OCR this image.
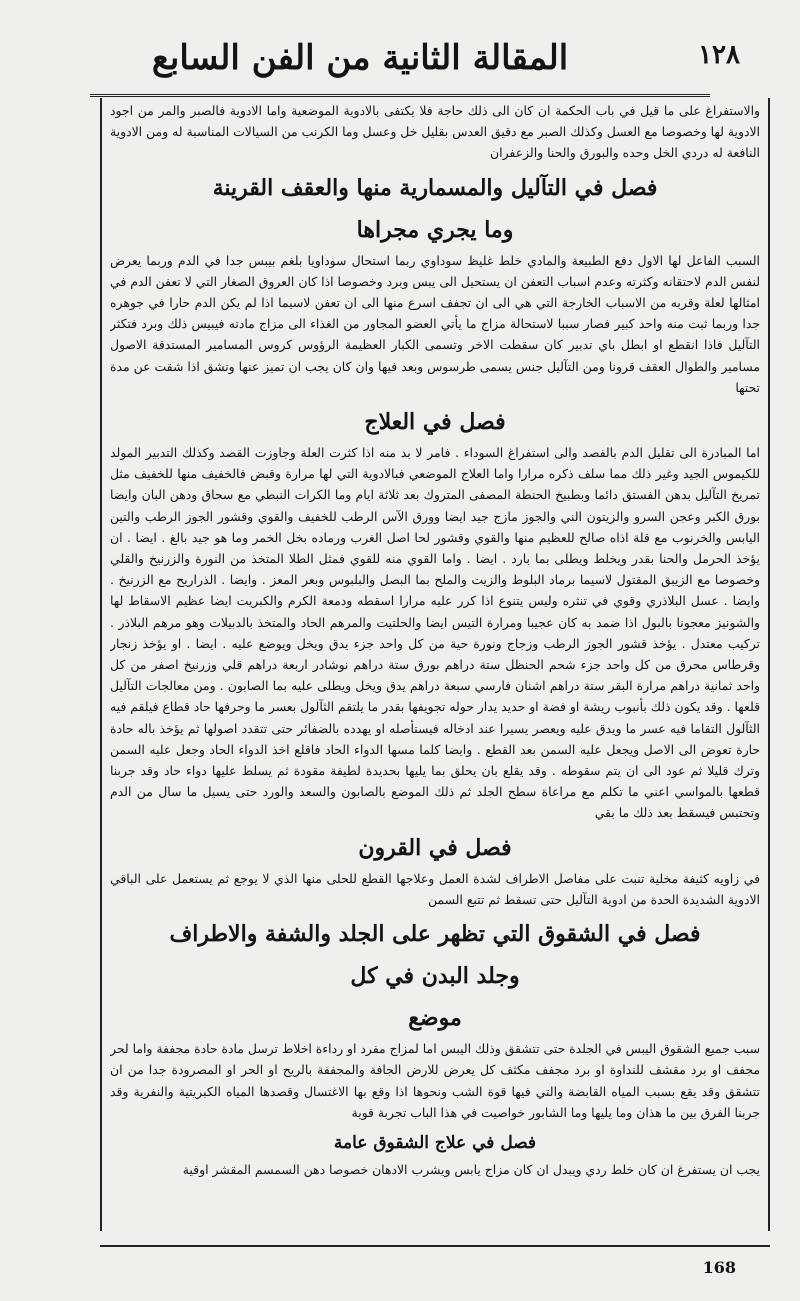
المقالة الثانية من الفن السابع	١٢٨

والاستفراغ على ما قيل في باب الحكمة ان كان الى ذلك حاجة فلا يكتفى بالادوية الموضعية واما الادوية فالصبر والمر من اجود الادوية لها وخصوصا مع العسل وكذلك الصبر مع دقيق العدس بقليل خل وعسل وما الكرنب من السيالات المناسبة له ومن الادوية النافعة له دردي الخل وحده والبورق والحنا والزعفران

فصل في التآليل والمسمارية منها والعقف القرينة
وما يجري مجراها

السبب الفاعل لها الاول دفع الطبيعة والمادي خلط غليظ سوداوي ربما استحال سوداويا بلغم بيبس جدا في الدم وربما يعرض لنفس الدم لاحتقانه وكثرته وعدم اسباب التعفن ان يستحيل الى يبس وبرد وخصوصا اذا كان العروق الصغار التي لا تعفن الدم في امثالها لعلة وقربه من الاسباب الخارجة التي هي الى ان تجفف اسرع منها الى ان تعفن لاسيما اذا لم يكن الدم حارا في جوهره جدا وربما ثبت منه واحد كبير فصار سببا لاستحالة مزاج ما يأتي العضو المجاور من الغذاء الى مزاج مادته فيبيس ذلك وبرد فتكثر التآليل فاذا انقطع او ابطل باي تدبير كان سقطت الاخر وتسمى الكبار العظيمة الرؤوس كروس المسامير المستدقة الاصول مسامير والطوال العقف قرونا ومن التآليل جنس يسمى طرسوس وبعد فيها وان كان يجب ان تميز عنها وتشق اذا شقت عن مدة تحتها

فصل في العلاج

اما المبادرة الى تقليل الدم بالفصد والى استفراغ السوداء . فامر لا بد منه اذا كثرت العلة وجاوزت القصد وكذلك التدبير المولد للكيموس الجيد وغير ذلك مما سلف ذكره مرارا واما العلاج الموضعي فبالادوية التي لها مرارة وقبض فالخفيف منها للخفيف مثل تمريخ التآليل بدهن الفستق دائما وبطبيخ الحنطة المصفى المتروك بعد ثلاثة ايام وما الكرات النبطي مع سحاق ودهن البان وايضا بورق الكبر وعجن السرو والزيتون الني والجوز مازج جيد ايضا وورق الآس الرطب للخفيف والقوي وقشور الجوز الرطب والتين اليابس والخرنوب مع قلة اذاه صالح للعظيم منها والقوي وقشور لحا اصل الغرب ورماده بخل الخمر وما هو جيد بالغ . ايضا . ان يؤخذ الحرمل والحنا بقدر ويخلط ويطلى بما بارد . ايضا . واما القوي منه للقوي فمثل الطلا المتخذ من النورة والزرنيخ والقلي وخصوصا مع الزيبق المقتول لاسيما برماد البلوط والزيت والملح بما البصل والبلبوس وبعر المعز . وايضا . الذراريح مع الزرنيخ . وايضا . عسل البلاذري وقوي في تنثره وليس يتنوع اذا كرر عليه مرارا اسقطه ودمعة الكرم والكبريت ايضا عظيم الاسقاط لها والشونيز معجونا بالبول اذا ضمد به كان عجيبا ومرارة التيس ايضا والحلتيت والمرهم الحاد والمتخذ بالدبيلات وهو مرهم البلاذر . تركيب معتدل . يؤخذ قشور الجوز الرطب وزجاج ونورة حية من كل واحد جزء يدق ويخل ويوضع عليه . ايضا . او يؤخذ زنجار وقرطاس محرق من كل واحد جزء شحم الحنظل ستة دراهم بورق ستة دراهم نوشادر اربعة دراهم قلي وزرنيخ اصفر من كل واحد ثمانية دراهم مرارة البقر ستة دراهم اشنان فارسي سبعة دراهم يدق ويخل ويطلى عليه بما الصابون . ومن معالجات التآليل قلعها . وقد يكون ذلك بأنبوب ريشة او فضة او حديد يدار حوله تجويفها بقدر ما يلتقم الثآلول بعسر ما وحرفها حاد قطاع فيلقم فيه الثآلول التقاما فيه عسر ما ويدق عليه ويعصر يسيرا عند ادخاله فيستأصله او يهدده بالضفائر حتى تتقدد اصولها ثم يؤخذ باله حادة حارة تعوض الى الاصل ويجعل عليه السمن بعد القطع . وايضا كلما مسها الدواء الحاد فاقلع اخذ الدواء الحاد وجعل عليه السمن وترك قليلا ثم عود الى ان يتم سقوطه . وقد يقلع بان يحلق بما يليها بحديدة لطيفة مقودة ثم يسلط عليها دواء حاد وقد جربنا قطعها بالمواسي اعني ما تكلم مع مراعاة سطح الجلد ثم ذلك الموضع بالصابون والسعد والورد حتى يسيل ما سال من الدم وتحتبس فيسقط بعد ذلك ما بقي

فصل في القرون

في زاويه كثيفة مخلية تنبت على مفاصل الاطراف لشدة العمل وعلاجها القطع للحلى منها الذي لا يوجع ثم يستعمل على الباقي الادوية الشديدة الحدة من ادوية التآليل حتى تسقط ثم تتبع السمن

فصل في الشقوق التي تظهر على الجلد والشفة والاطراف
وجلد البدن في كل
موضع

سبب جميع الشقوق اليبس في الجلدة حتى تتشقق وذلك اليبس اما لمزاج مفرد او رداءة اخلاط ترسل مادة حادة مجففة واما لحر مجفف او برد مقشف للنداوة او برد مجفف مكثف كل يعرض للارض الجافة والمجففة بالريح او الحر او المصرودة جدا من ان تتشقق وقد يقع بسبب المياه القابضة والتي فيها قوة الشب ونحوها اذا وقع بها الاغتسال وقصدها المياه الكبريتية والنفرية وقد جربنا الفرق بين ما هذان وما يليها وما الشابور خواصيت في هذا الباب تجربة قوية

فصل في علاج الشقوق عامة

يجب ان يستفرغ ان كان خلط ردي ويبدل ان كان مزاج يابس ويشرب الادهان خصوصا دهن السمسم المقشر اوقية

168
